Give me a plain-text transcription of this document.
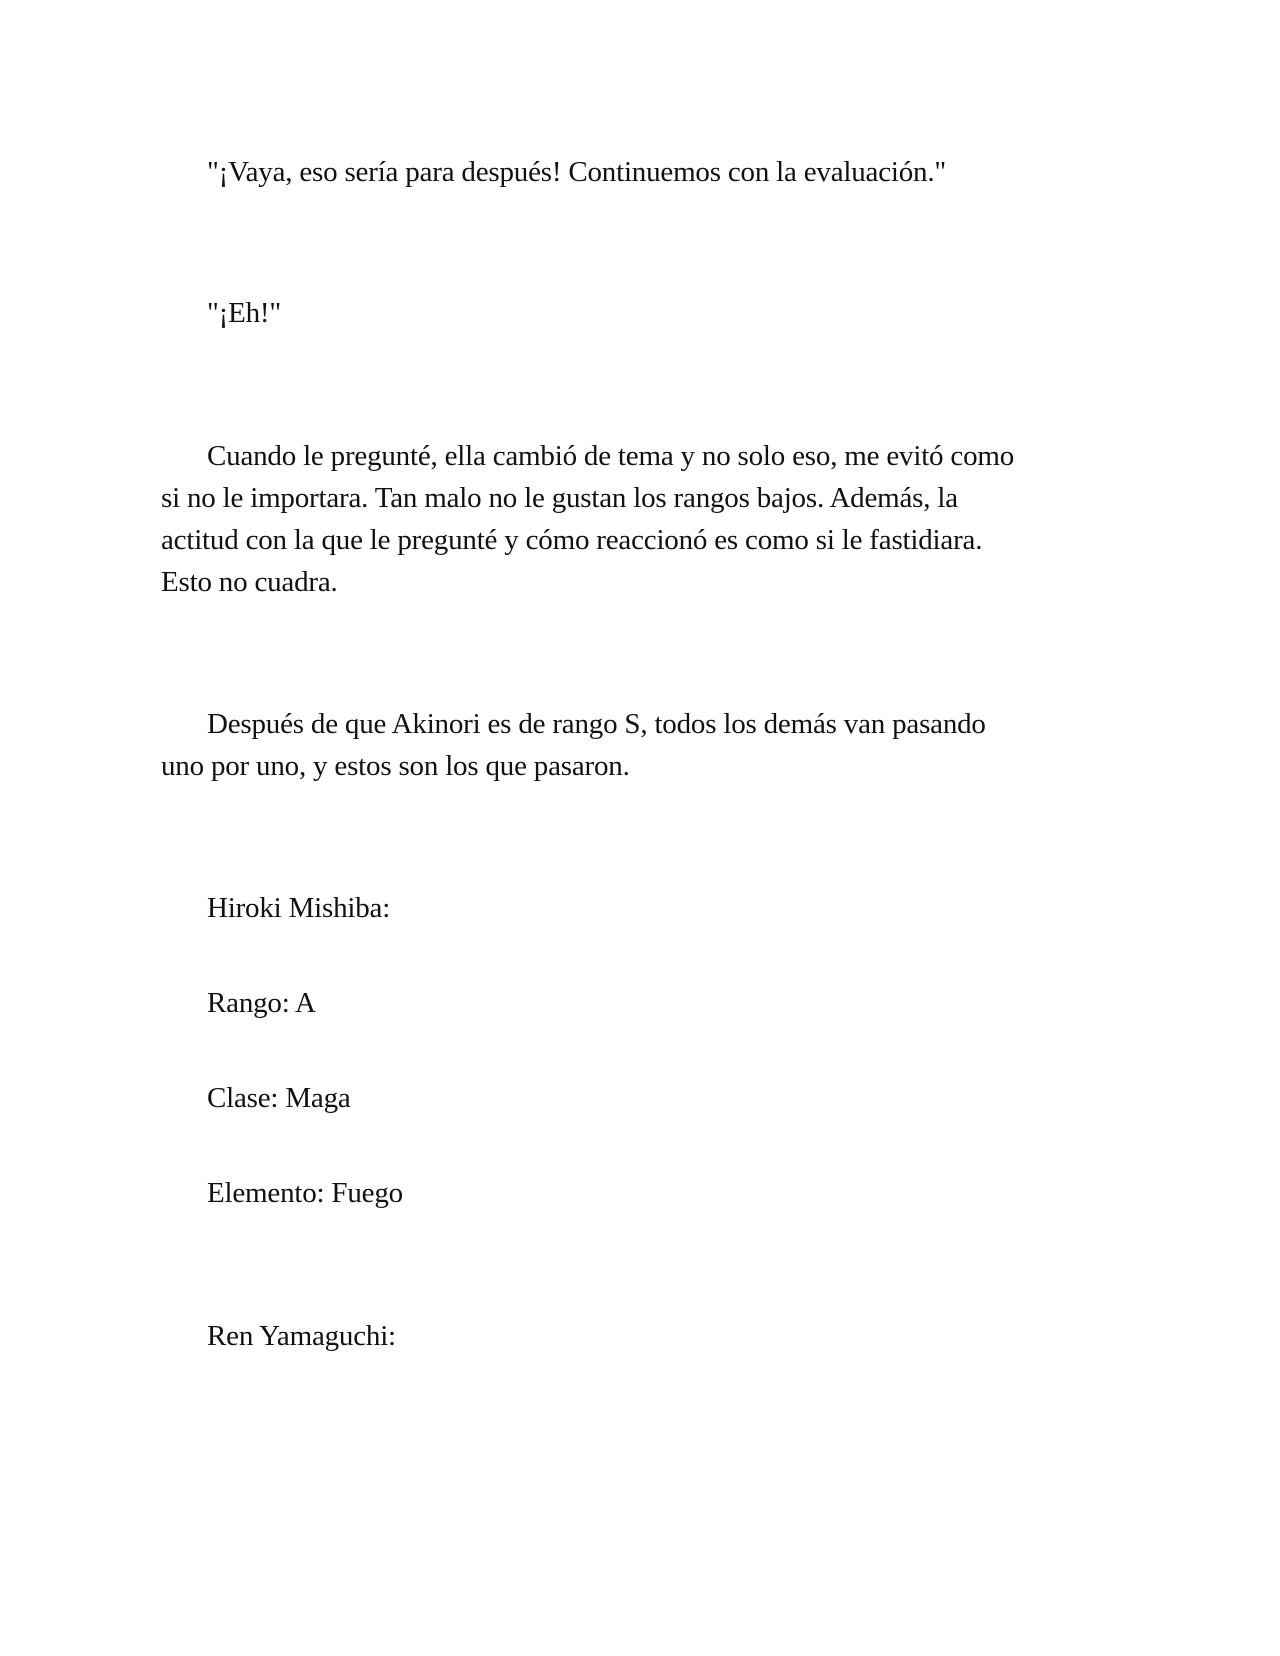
"¡Vaya, eso sería para después! Continuemos con la evaluación."
"¡Eh!"
Cuando le pregunté, ella cambió de tema y no solo eso, me evitó como
si no le importara. Tan malo no le gustan los rangos bajos. Además, la
actitud con la que le pregunté y cómo reaccionó es como si le fastidiara.
Esto no cuadra.
Después de que Akinori es de rango S, todos los demás van pasando
uno por uno, y estos son los que pasaron.
Hiroki Mishiba:
Rango: A
Clase: Maga
Elemento: Fuego
Ren Yamaguchi:
